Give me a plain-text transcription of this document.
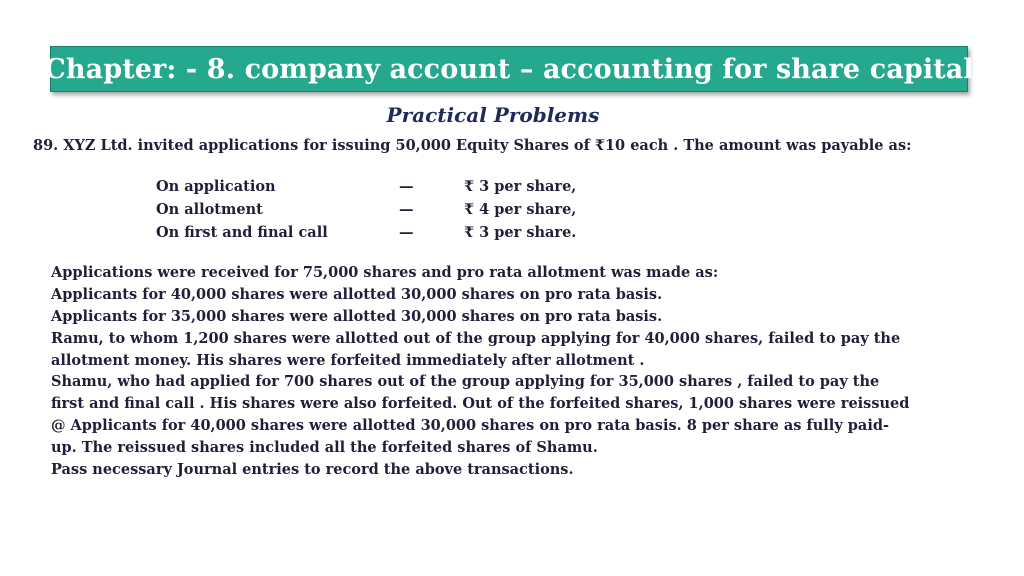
Chapter: - 8. company account – accounting for share capital
Practical Problems
89. XYZ Ltd. invited applications for issuing 50,000 Equity Shares of ₹10 each . The amount was payable as:
On application	—	₹ 3 per share,
On allotment	—	₹ 4 per share,
On first and final call	—	₹ 3 per share.
Applications were received for 75,000 shares and pro rata allotment was made as:
Applicants for 40,000 shares were allotted 30,000 shares on pro rata basis.
Applicants for 35,000 shares were allotted 30,000 shares on pro rata basis.
Ramu, to whom 1,200 shares were allotted out of the group applying for 40,000 shares, failed to pay the
allotment money. His shares were forfeited immediately after allotment .
Shamu, who had applied for 700 shares out of the group applying for 35,000 shares , failed to pay the
first and final call . His shares were also forfeited. Out of the forfeited shares, 1,000 shares were reissued
@ Applicants for 40,000 shares were allotted 30,000 shares on pro rata basis. 8 per share as fully paid-
up. The reissued shares included all the forfeited shares of Shamu.
Pass necessary Journal entries to record the above transactions.
